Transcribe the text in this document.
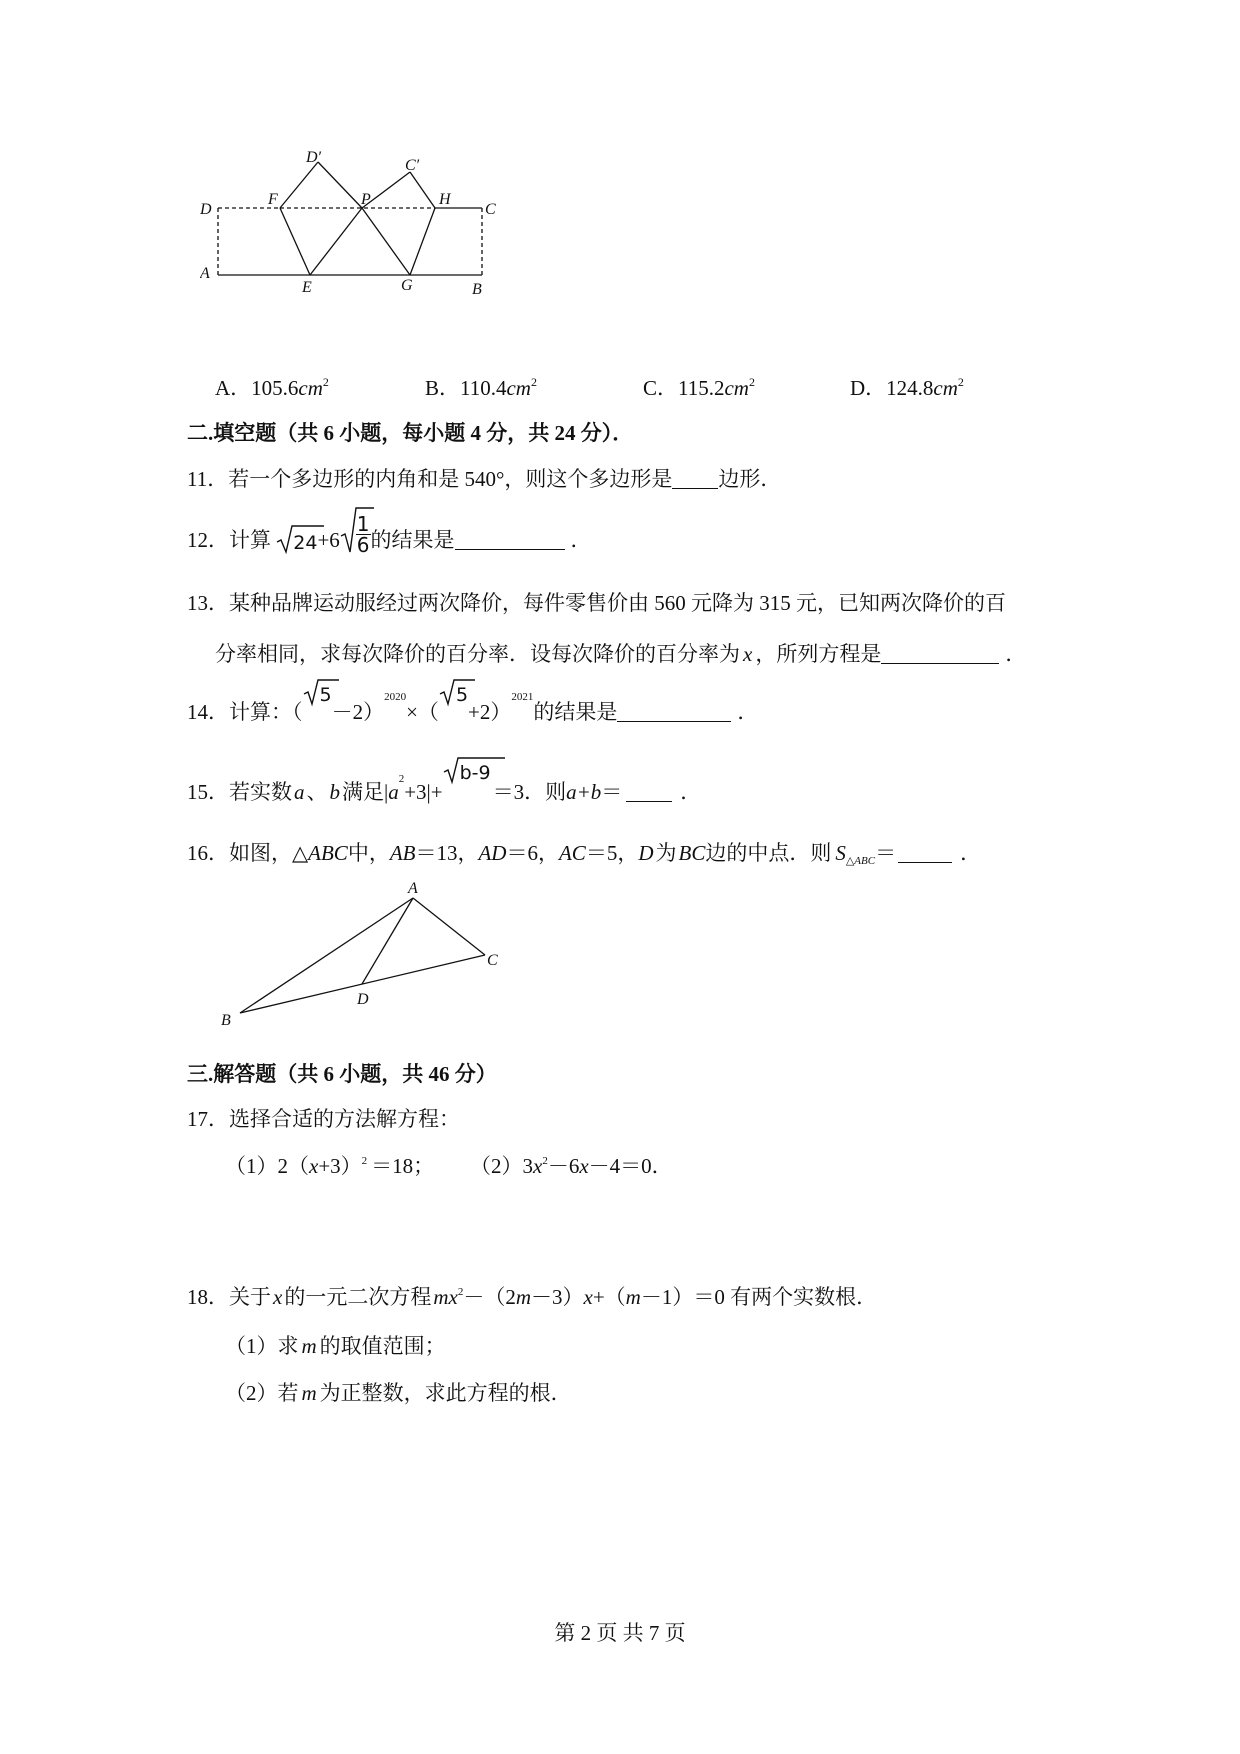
D′	C′
D
F	P	H
C
A
E	G	B
A．$105.6cm^2$	B．$110.4cm^2$	C．$115.2cm^2$	D．$124.8cm^2$
二.填空题（共 6 小题，每小题 4 分，共 24 分）．
11．若一个多边形的内角和是 540°，则这个多边形是 边形．
12．计算 $24+6 \frac{1}{6}$ 的结果是	．
13．某种品牌运动服经过两次降价，每件零售价由 560 元降为 315 元，已知两次降价的百
分率相同，求每次降价的百分率．设每次降价的百分率为 x ，所列方程是	．
14．计算：（
5－2）$^{2020}$×（
5+2）$^{2021}$的结果是	．
15．若实数a、b满足$|a^2+3|+$
b-9＝3．则a+b＝	．
16．如图，△ABC中，AB＝13，AD＝6，AC＝5，D为BC边的中点．则 $S_{\triangle ABC}=$	．
A
B
C
D
三.解答题（共 6 小题，共 46 分）
17．选择合适的方法解方程：
$(1)2(x+3)^2 =18$； $(2)3x^2-6x-4=0$．
18．关于x的一元二次方程$mx^2-(2m-3)x+(m-1)=0$ 有两个实数根．
（1）求 m 的取值范围；
（2）若 m 为正整数，求此方程的根．
第 2 页 共 7 页
